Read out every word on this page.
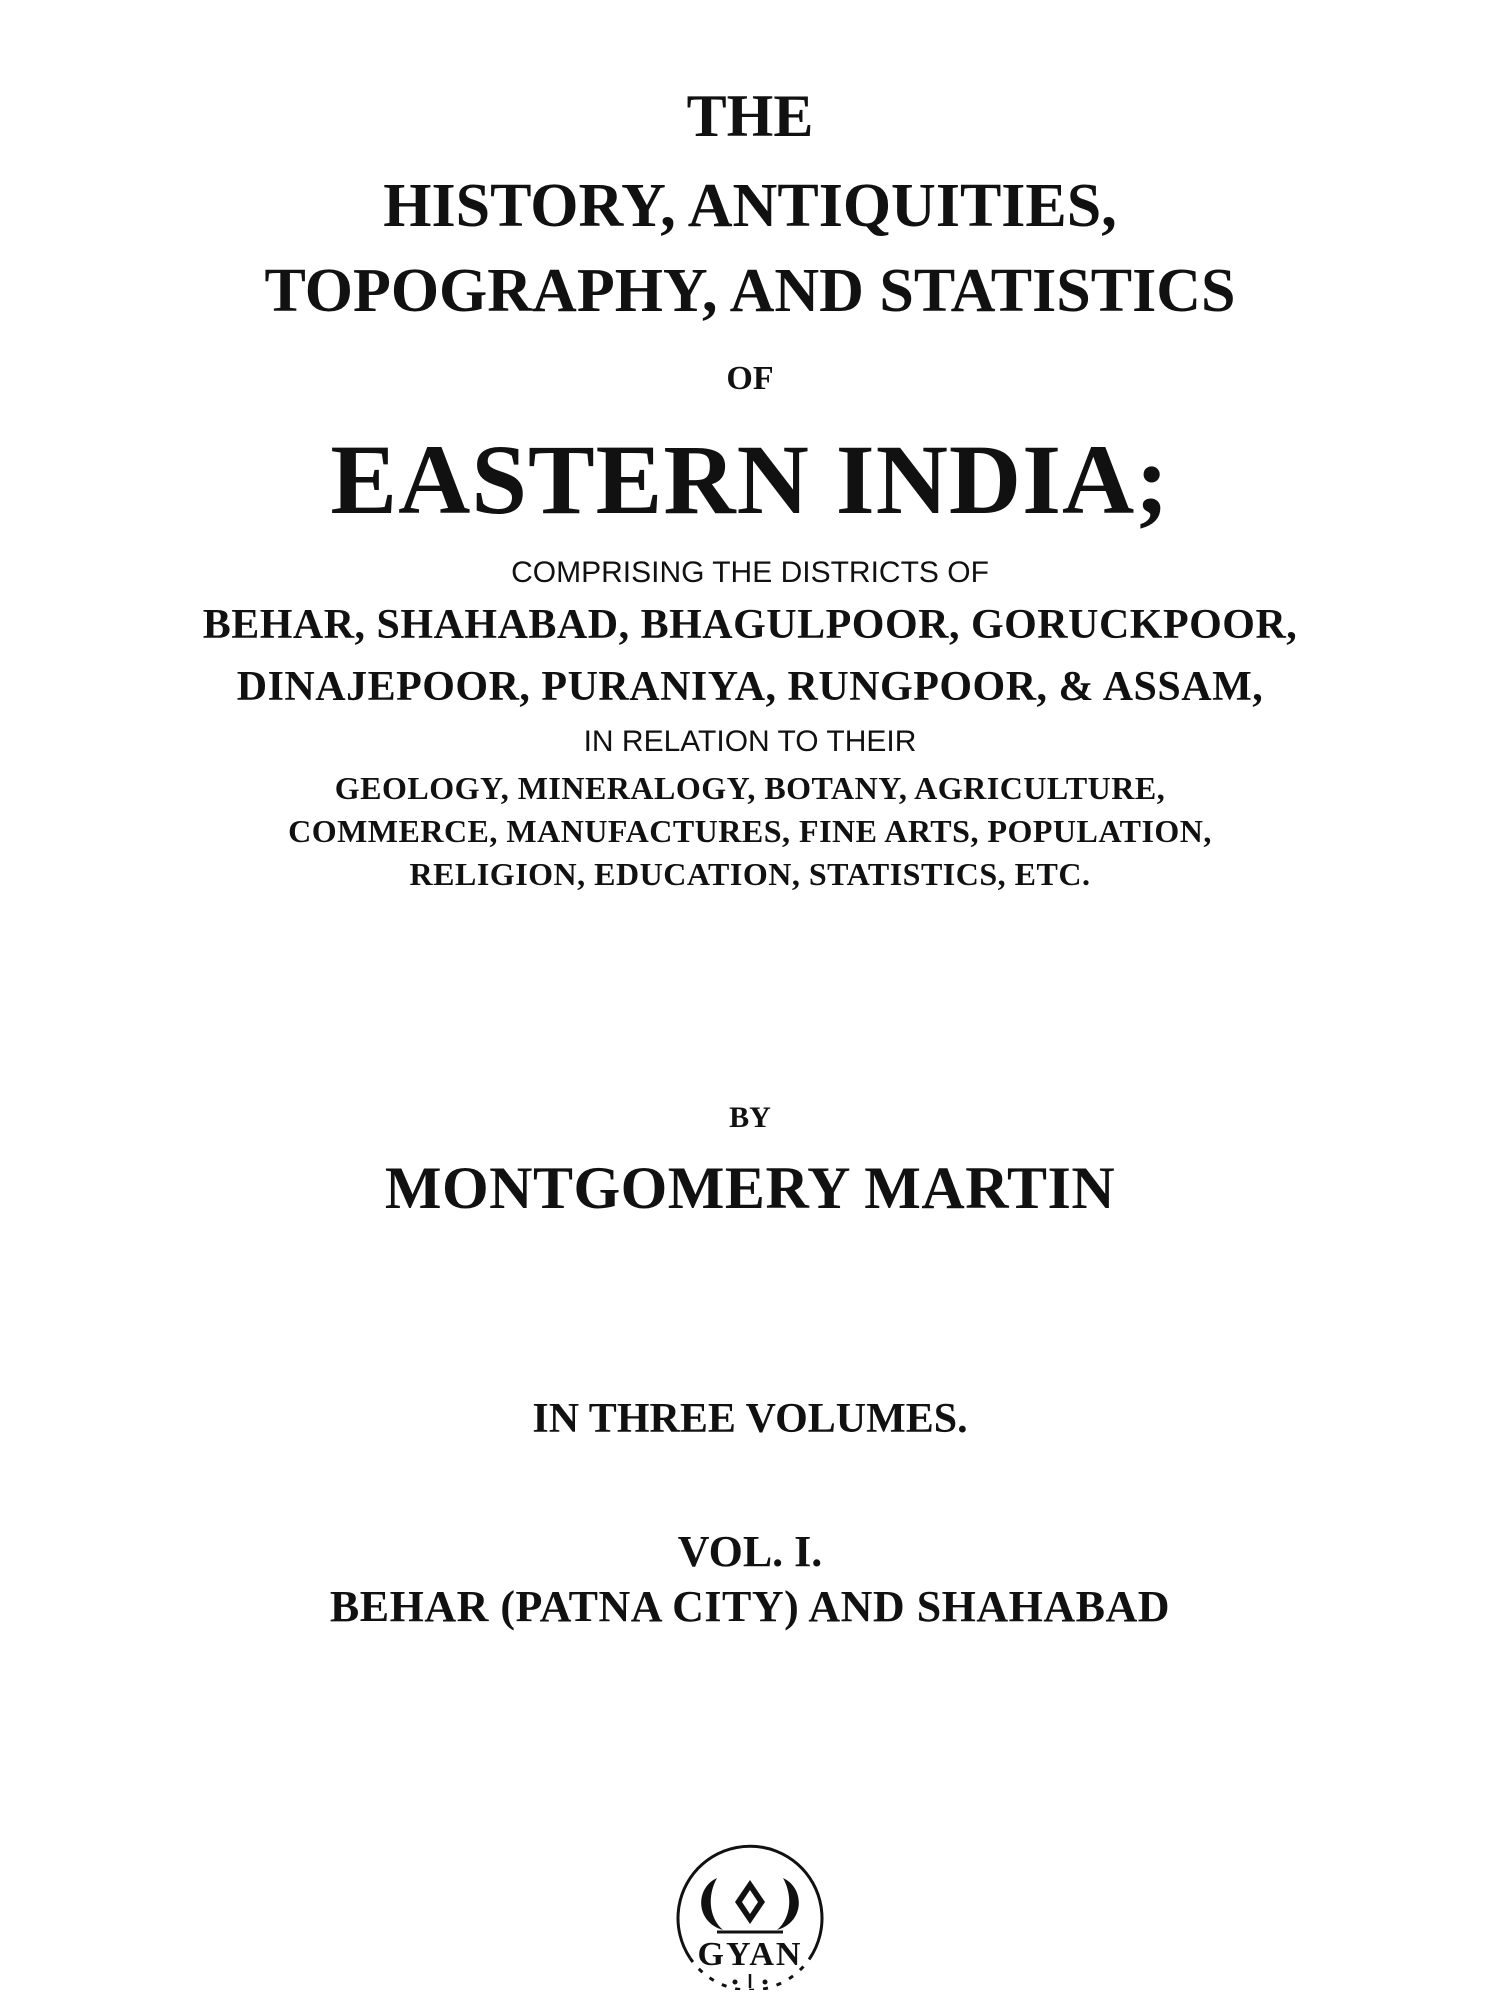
THE
HISTORY, ANTIQUITIES,
TOPOGRAPHY, AND STATISTICS
OF
EASTERN INDIA;
COMPRISING THE DISTRICTS OF
BEHAR, SHAHABAD, BHAGULPOOR, GORUCKPOOR,
DINAJEPOOR, PURANIYA, RUNGPOOR, & ASSAM,
IN RELATION TO THEIR
GEOLOGY, MINERALOGY, BOTANY, AGRICULTURE,
COMMERCE, MANUFACTURES, FINE ARTS, POPULATION,
RELIGION, EDUCATION, STATISTICS, ETC.
BY
MONTGOMERY MARTIN
IN THREE VOLUMES.
VOL. I.
BEHAR (PATNA CITY) AND SHAHABAD
GYAN
